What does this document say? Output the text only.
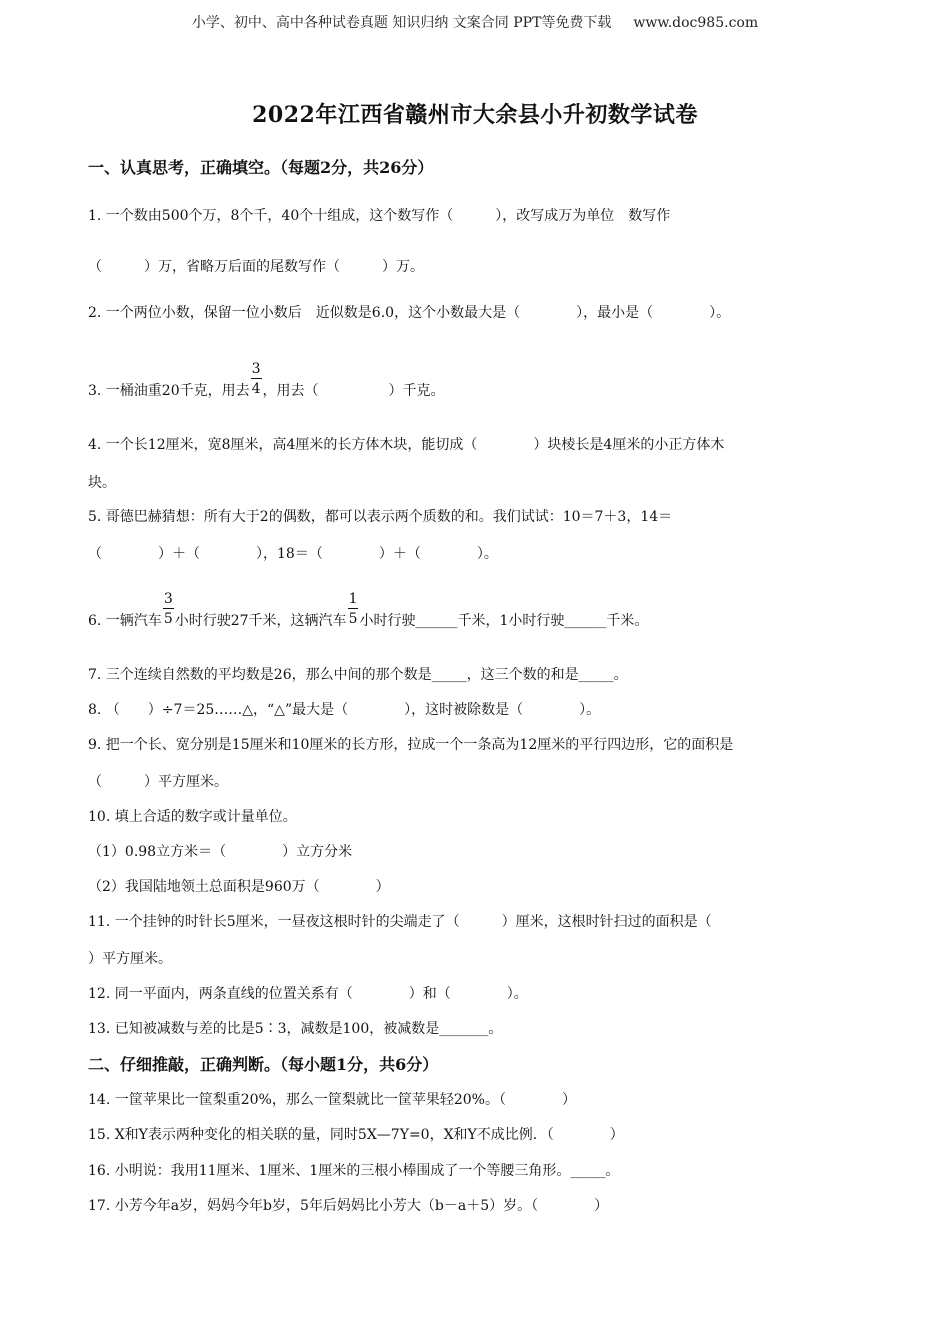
小学、初中、高中各种试卷真题 知识归纳 文案合同 PPT等免费下载 www.doc985.com
2022年江西省赣州市大余县小升初数学试卷
一、认真思考，正确填空。（每题2分，共26分）
1. 一个数由500个万，8个千，40个十组成，这个数写作（　　　），改写成万为单位　数写作
（　　　）万，省略万后面的尾数写作（　　　）万。
2. 一个两位小数，保留一位小数后　近似数是6.0，这个小数最大是（　　　　），最小是（　　　　）。
3. 一桶油重20千克，用去 $\frac{3}{4}$ ，用去（　　　　　）千克。
4. 一个长12厘米，宽8厘米，高4厘米的长方体木块，能切成（　　　　）块棱长是4厘米的小正方体木
块。
5. 哥德巴赫猜想：所有大于2的偶数，都可以表示两个质数的和。我们试试：10＝7＋3，14＝
（　　　　）＋（　　　　），18＝（　　　　）＋（　　　　）。
6. 一辆汽车 $\frac{3}{5}$ 小时行驶27千米，这辆汽车 $\frac{1}{5}$ 小时行驶______千米，1小时行驶______千米。
7. 三个连续自然数的平均数是26，那么中间的那个数是_____，这三个数的和是_____。
8. （　　）÷7＝25……△，“△”最大是（　　　　），这时被除数是（　　　　）。
9. 把一个长、宽分别是15厘米和10厘米的长方形，拉成一个一条高为12厘米的平行四边形，它的面积是
（　　　）平方厘米。
10. 填上合适的数字或计量单位。
（1）0.98立方米＝（　　　　）立方分米
（2）我国陆地领土总面积是960万（　　　　）
11. 一个挂钟的时针长5厘米，一昼夜这根时针的尖端走了（　　　）厘米，这根时针扫过的面积是（
）平方厘米。
12. 同一平面内，两条直线的位置关系有（　　　　）和（　　　　）。
13. 已知被减数与差的比是5∶3，减数是100，被减数是_______。
二、仔细推敲，正确判断。（每小题1分，共6分）
14. 一筐苹果比一筐梨重20%，那么一筐梨就比一筐苹果轻20%。（　　　　）
15. X和Y表示两种变化的相关联的量，同时5X—7Y=0，X和Y不成比例．（　　　　）
16. 小明说：我用11厘米、1厘米、1厘米的三根小棒围成了一个等腰三角形。_____。
17. 小芳今年a岁，妈妈今年b岁，5年后妈妈比小芳大（b－a＋5）岁。（　　　　）
